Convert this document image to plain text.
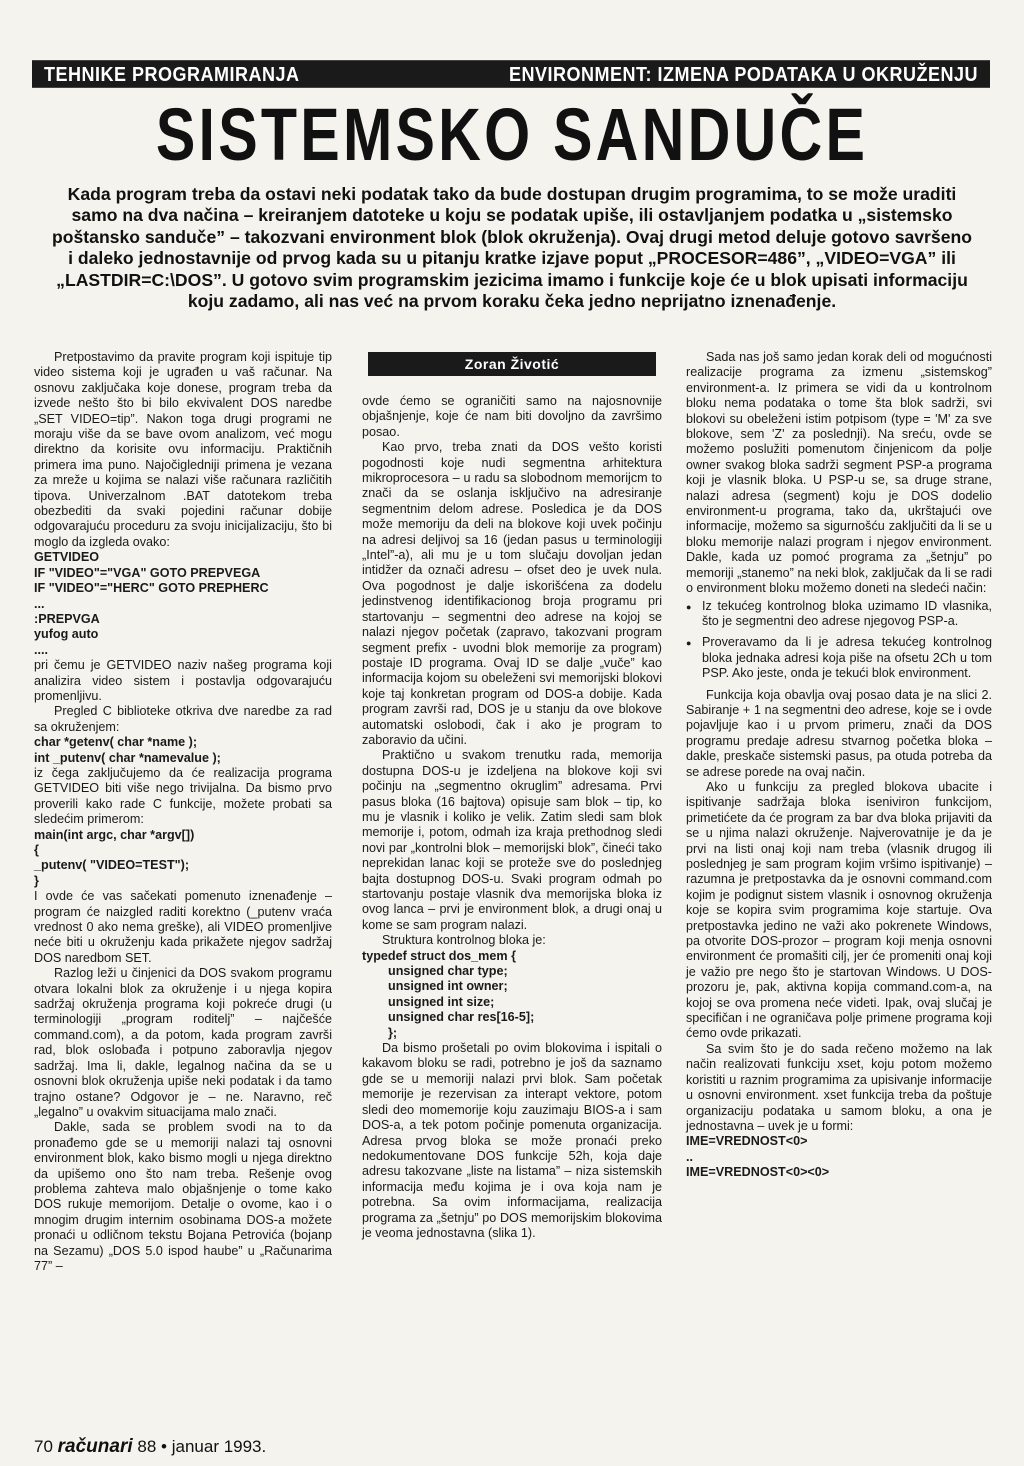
TEHNIKE PROGRAMIRANJA	ENVIRONMENT: IZMENA PODATAKA U OKRUŽENJU
SISTEMSKO SANDUČE
Kada program treba da ostavi neki podatak tako da bude dostupan drugim programima, to se može uraditi samo na dva načina – kreiranjem datoteke u koju se podatak upiše, ili ostavljanjem podatka u „sistemsko poštansko sandučе” – takozvani environment blok (blok okruženja). Ovaj drugi metod deluje gotovo savršeno i daleko jednostavnije od prvog kada su u pitanju kratke izjave poput „PROCESOR=486”, „VIDEO=VGA” ili „LASTDIR=C:\DOS”. U gotovo svim programskim jezicima imamo i funkcije koje će u blok upisati informaciju koju zadamo, ali nas već na prvom koraku čeka jedno neprijatno iznenađenje.

Pretpostavimo da pravite program koji ispituje tip video sistema koji je ugrađen u vaš računar. Na osnovu zaključaka koje donese, program treba da izvede nešto što bi bilo ekvivalent DOS naredbe „SET VIDEO=tip”. Nakon toga drugi programi ne moraju više da se bave ovom analizom, već mogu direktno da korisite ovu informaciju. Praktičnih primera ima puno. Najočigledniji primena je vezana za mreže u kojima se nalazi više računara različitih tipova. Univerzalnom .BAT datotekom treba obezbediti da svaki pojedini računar dobije odgovarajuću proceduru za svoju inicijalizaciju, što bi moglo da izgleda ovako:

GETVIDEO
IF "VIDEO"="VGA" GOTO PREPVEGA
IF "VIDEO"="HERC" GOTO PREPHERC
...
:PREPVGA
yufog auto
....

pri čemu je GETVIDEO naziv našeg programa koji analizira video sistem i postavlja odgovarajuću promenljivu.

Pregled C biblioteke otkriva dve naredbe za rad sa okruženjem:

char *getenv( char *name );
int _putenv( char *namevalue );

iz čega zaključujemo da će realizacija programa GETVIDEO biti više nego trivijalna. Da bismo prvo proverili kako rade C funkcije, možete probati sa sledećim primerom:

main(int argc, char *argv[])
{
_putenv( "VIDEO=TEST");
}

I ovde će vas sačekati pomenuto iznenađenje – program će naizgled raditi korektno (_putenv vraća vrednost 0 ako nema greške), ali VIDEO promenljive neće biti u okruženju kada prikažete njegov sadržaj DOS naredbom SET.

Razlog leži u činjenici da DOS svakom programu otvara lokalni blok za okruženje i u njega kopira sadržaj okruženja programa koji pokreće drugi (u terminologiji „program roditelj” – najčešće command.com), a da potom, kada program završi rad, blok oslobađa i potpuno zaboravlja njegov sadržaj. Ima li, dakle, legalnog načina da se u osnovni blok okruženja upiše neki podatak i da tamo trajno ostane? Odgovor je – ne. Naravno, reč „legalno” u ovakvim situacijama malo znači.

Dakle, sada se problem svodi na to da pronađemo gde se u memoriji nalazi taj osnovni environment blok, kako bismo mogli u njega direktno da upišemo ono što nam treba. Rešenje ovog problema zahteva malo objašnjenje o tome kako DOS rukuje memorijom. Detalje o ovome, kao i o mnogim drugim internim osobinama DOS-a možete pronaći u odličnom tekstu Bojana Petrovića (bojanp na Sezamu) „DOS 5.0 ispod haube” u „Računarima 77” –

Zoran Životić

ovde ćemo se ograničiti samo na najosnovnije objašnjenje, koje će nam biti dovoljno da završimo posao.

Kao prvo, treba znati da DOS vešto koristi pogodnosti koje nudi segmentna arhitektura mikroprocesora – u radu sa slobodnom memorijcm to znači da se oslanja isključivo na adresiranje segmentnim delom adrese. Posledica je da DOS može memoriju da deli na blokove koji uvek počinju na adresi deljivoj sa 16 (jedan pasus u terminologiji „Intel”-a), ali mu je u tom slučaju dovoljan jedan intidžer da označi adresu – ofset deo je uvek nula. Ova pogodnost je dalje iskorišćena za dodelu jedinstvenog identifikacionog broja programu pri startovanju – segmentni deo adrese na kojoj se nalazi njegov početak (zapravo, takozvani program segment prefix - uvodni blok memorije za program) postaje ID programa. Ovaj ID se dalje „vuče” kao informacija kojom su obeleženi svi memorijski blokovi koje taj konkretan program od DOS-a dobije. Kada program završi rad, DOS je u stanju da ove blokove automatski oslobodi, čak i ako je program to zaboravio da učini.

Praktično u svakom trenutku rada, memorija dostupna DOS-u je izdeljena na blokove koji svi počinju na „segmentno okruglim” adresama. Prvi pasus bloka (16 bajtova) opisuje sam blok – tip, ko mu je vlasnik i koliko je velik. Zatim sledi sam blok memorije i, potom, odmah iza kraja prethodnog sledi novi par „kontrolni blok – memorijski blok”, čineći tako neprekidan lanac koji se proteže sve do poslednjeg bajta dostupnog DOS-u. Svaki program odmah po startovanju postaje vlasnik dva memorijska bloka iz ovog lanca – prvi je environment blok, a drugi onaj u kome se sam program nalazi.

Struktura kontrolnog bloka je:

typedef struct dos_mem {
unsigned char type;
unsigned int owner;
unsigned int size;
unsigned char res[16-5];
};

Da bismo prošetali po ovim blokovima i ispitali o kakavom bloku se radi, potrebno je još da saznamo gde se u memoriji nalazi prvi blok. Sam početak memorije je rezervisan za interapt vektore, potom sledi deo momemorije koju zauzimaju BIOS-a i sam DOS-a, a tek potom počinje pomenuta organizacija. Adresa prvog bloka se može pronaći preko nedokumentovane DOS funkcije 52h, koja daje adresu takozvane „liste na listama” – niza sistemskih informacija među kojima je i ova koja nam je potrebna. Sa ovim informacijama, realizacija programa za „šetnju” po DOS memorijskim blokovima je veoma jednostavna (slika 1).

Sada nas još samo jedan korak deli od mogućnosti realizacije programa za izmenu „sistemskog” environment-a. Iz primera se vidi da u kontrolnom bloku nema podataka o tome šta blok sadrži, svi blokovi su obeleženi istim potpisom (type = 'M' za sve blokove, sem 'Z' za poslednji). Na sreću, ovde se možemo poslužiti pomenutom činjenicom da polje owner svakog bloka sadrži segment PSP-a programa koji je vlasnik bloka. U PSP-u se, sa druge strane, nalazi adresa (segment) koju je DOS dodelio environment-u programa, tako da, ukrštajući ove informacije, možemo sa sigurnošću zaključiti da li se u bloku memorije nalazi program i njegov environment. Dakle, kada uz pomoć programa za „šetnju” po memoriji „stanemo” na neki blok, zaključak da li se radi o environment bloku možemo doneti na sledeći način:

● Iz tekućeg kontrolnog bloka uzimamo ID vlasnika, što je segmentni deo adrese njegovog PSP-a.
● Proveravamo da li je adresa tekućeg kontrolnog bloka jednaka adresi koja piše na ofsetu 2Ch u tom PSP. Ako jeste, onda je tekući blok environment.

Funkcija koja obavlja ovaj posao data je na slici 2. Sabiranje + 1 na segmentni deo adrese, koje se i ovde pojavljuje kao i u prvom primeru, znači da DOS programu predaje adresu stvarnog početka bloka – dakle, preskače sistemski pasus, pa otuda potreba da se adrese porede na ovaj način.

Ako u funkciju za pregled blokova ubacite i ispitivanje sadržaja bloka iseniviron funkcijom, primetićete da će program za bar dva bloka prijaviti da se u njima nalazi okruženje. Najverovatnije je da je prvi na listi onaj koji nam treba (vlasnik drugog ili poslednjeg je sam program kojim vršimo ispitivanje) – razumna je pretpostavka da je osnovni command.com kojim je podignut sistem vlasnik i osnovnog okruženja koje se kopira svim programima koje startuje. Ova pretpostavka jedino ne važi ako pokrenete Windows, pa otvorite DOS-prozor – program koji menja osnovni environment će promašiti cilj, jer će promeniti onaj koji je važio pre nego što je startovan Windows. U DOS-prozoru je, pak, aktivna kopija command.com-a, na kojoj se ova promena neće videti. Ipak, ovaj slučaj je specifičan i ne ograničava polje primene programa koji ćemo ovde prikazati.

Sa svim što je do sada rečeno možemo na lak način realizovati funkciju xset, koju potom možemo koristiti u raznim programima za upisivanje informacije u osnovni environment. xset funkcija treba da poštuje organizaciju podataka u samom bloku, a ona je jednostavna – uvek je u formi:

IME=VREDNOST<0>
..
IME=VREDNOST<0><0>
70 računari 88 • januar 1993.
